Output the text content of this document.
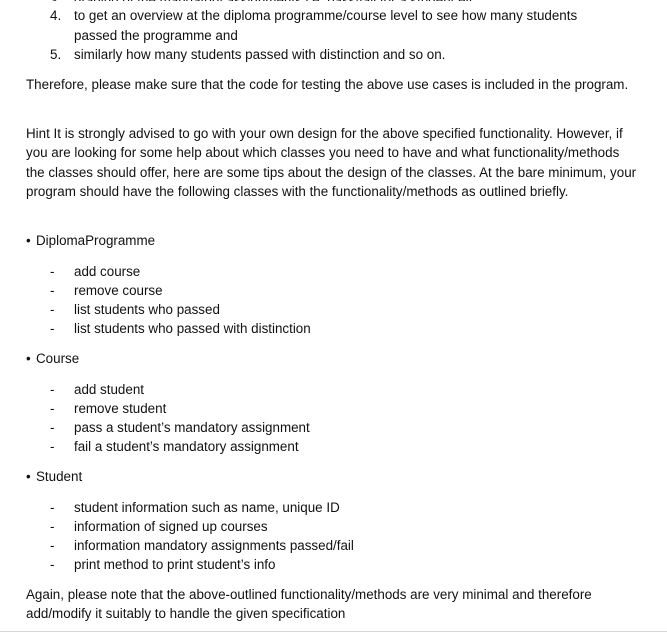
4. to get an overview at the diploma programme/course level to see how many students passed the programme and
5. similarly how many students passed with distinction and so on.
Therefore, please make sure that the code for testing the above use cases is included in the program.
Hint It is strongly advised to go with your own design for the above specified functionality. However, if you are looking for some help about which classes you need to have and what functionality/methods the classes should offer, here are some tips about the design of the classes. At the bare minimum, your program should have the following classes with the functionality/methods as outlined briefly.
• DiplomaProgramme
- add course
- remove course
- list students who passed
- list students who passed with distinction
• Course
- add student
- remove student
- pass a student’s mandatory assignment
- fail a student’s mandatory assignment
• Student
- student information such as name, unique ID
- information of signed up courses
- information mandatory assignments passed/fail
- print method to print student’s info
Again, please note that the above-outlined functionality/methods are very minimal and therefore add/modify it suitably to handle the given specification
